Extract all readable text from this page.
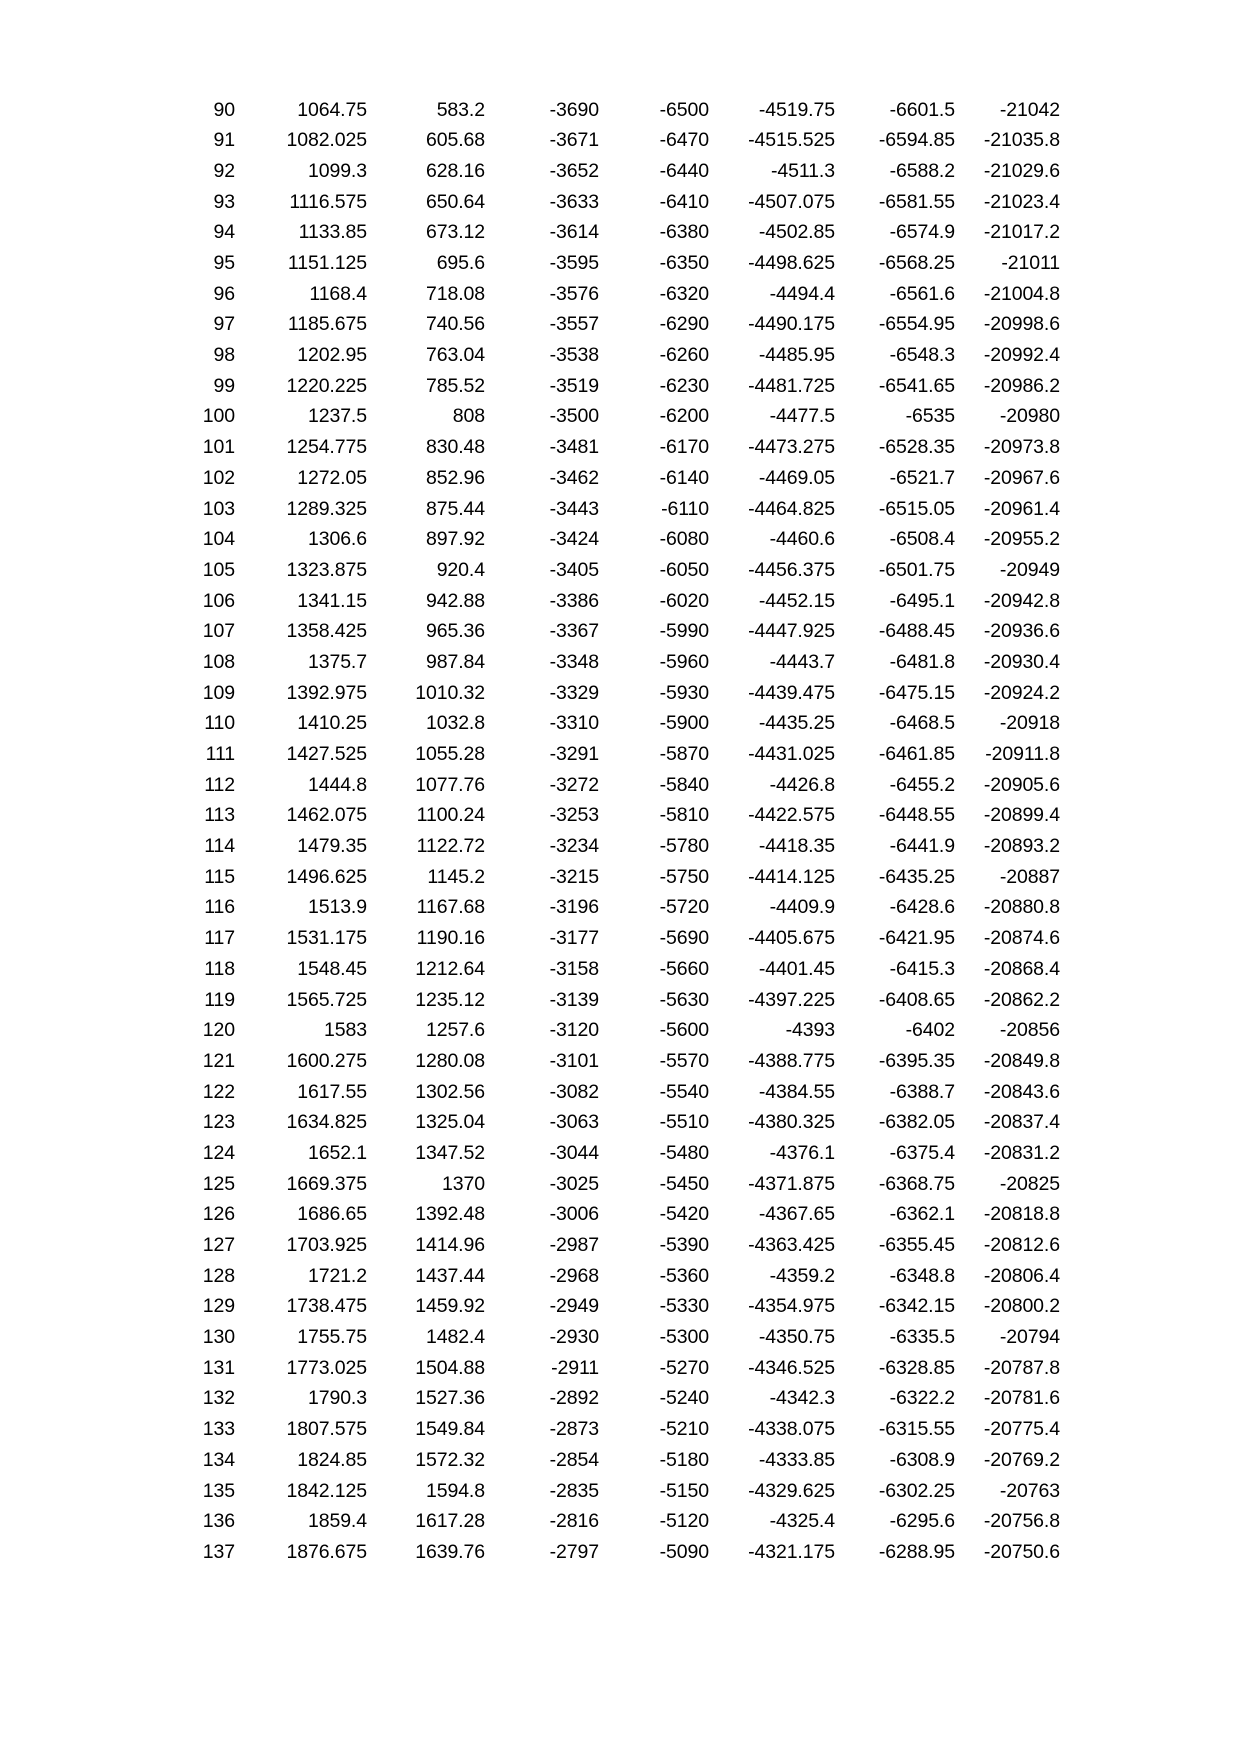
90	1064.75	583.2	-3690	-6500	-4519.75	-6601.5	-21042
91	1082.025	605.68	-3671	-6470	-4515.525	-6594.85	-21035.8
92	1099.3	628.16	-3652	-6440	-4511.3	-6588.2	-21029.6
93	1116.575	650.64	-3633	-6410	-4507.075	-6581.55	-21023.4
94	1133.85	673.12	-3614	-6380	-4502.85	-6574.9	-21017.2
95	1151.125	695.6	-3595	-6350	-4498.625	-6568.25	-21011
96	1168.4	718.08	-3576	-6320	-4494.4	-6561.6	-21004.8
97	1185.675	740.56	-3557	-6290	-4490.175	-6554.95	-20998.6
98	1202.95	763.04	-3538	-6260	-4485.95	-6548.3	-20992.4
99	1220.225	785.52	-3519	-6230	-4481.725	-6541.65	-20986.2
100	1237.5	808	-3500	-6200	-4477.5	-6535	-20980
101	1254.775	830.48	-3481	-6170	-4473.275	-6528.35	-20973.8
102	1272.05	852.96	-3462	-6140	-4469.05	-6521.7	-20967.6
103	1289.325	875.44	-3443	-6110	-4464.825	-6515.05	-20961.4
104	1306.6	897.92	-3424	-6080	-4460.6	-6508.4	-20955.2
105	1323.875	920.4	-3405	-6050	-4456.375	-6501.75	-20949
106	1341.15	942.88	-3386	-6020	-4452.15	-6495.1	-20942.8
107	1358.425	965.36	-3367	-5990	-4447.925	-6488.45	-20936.6
108	1375.7	987.84	-3348	-5960	-4443.7	-6481.8	-20930.4
109	1392.975	1010.32	-3329	-5930	-4439.475	-6475.15	-20924.2
110	1410.25	1032.8	-3310	-5900	-4435.25	-6468.5	-20918
111	1427.525	1055.28	-3291	-5870	-4431.025	-6461.85	-20911.8
112	1444.8	1077.76	-3272	-5840	-4426.8	-6455.2	-20905.6
113	1462.075	1100.24	-3253	-5810	-4422.575	-6448.55	-20899.4
114	1479.35	1122.72	-3234	-5780	-4418.35	-6441.9	-20893.2
115	1496.625	1145.2	-3215	-5750	-4414.125	-6435.25	-20887
116	1513.9	1167.68	-3196	-5720	-4409.9	-6428.6	-20880.8
117	1531.175	1190.16	-3177	-5690	-4405.675	-6421.95	-20874.6
118	1548.45	1212.64	-3158	-5660	-4401.45	-6415.3	-20868.4
119	1565.725	1235.12	-3139	-5630	-4397.225	-6408.65	-20862.2
120	1583	1257.6	-3120	-5600	-4393	-6402	-20856
121	1600.275	1280.08	-3101	-5570	-4388.775	-6395.35	-20849.8
122	1617.55	1302.56	-3082	-5540	-4384.55	-6388.7	-20843.6
123	1634.825	1325.04	-3063	-5510	-4380.325	-6382.05	-20837.4
124	1652.1	1347.52	-3044	-5480	-4376.1	-6375.4	-20831.2
125	1669.375	1370	-3025	-5450	-4371.875	-6368.75	-20825
126	1686.65	1392.48	-3006	-5420	-4367.65	-6362.1	-20818.8
127	1703.925	1414.96	-2987	-5390	-4363.425	-6355.45	-20812.6
128	1721.2	1437.44	-2968	-5360	-4359.2	-6348.8	-20806.4
129	1738.475	1459.92	-2949	-5330	-4354.975	-6342.15	-20800.2
130	1755.75	1482.4	-2930	-5300	-4350.75	-6335.5	-20794
131	1773.025	1504.88	-2911	-5270	-4346.525	-6328.85	-20787.8
132	1790.3	1527.36	-2892	-5240	-4342.3	-6322.2	-20781.6
133	1807.575	1549.84	-2873	-5210	-4338.075	-6315.55	-20775.4
134	1824.85	1572.32	-2854	-5180	-4333.85	-6308.9	-20769.2
135	1842.125	1594.8	-2835	-5150	-4329.625	-6302.25	-20763
136	1859.4	1617.28	-2816	-5120	-4325.4	-6295.6	-20756.8
137	1876.675	1639.76	-2797	-5090	-4321.175	-6288.95	-20750.6
